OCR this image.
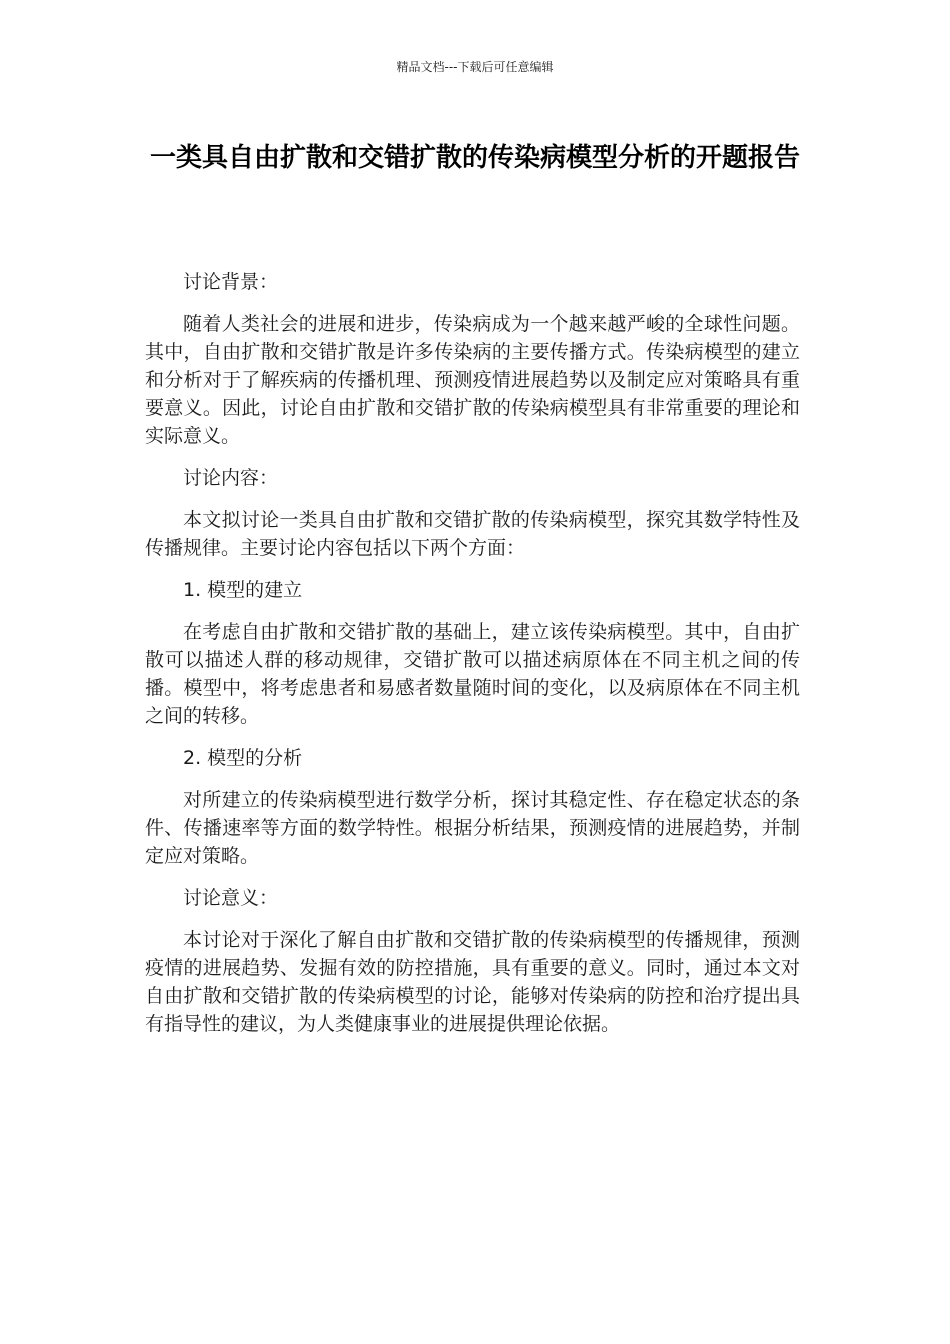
精品文档---下载后可任意编辑
一类具自由扩散和交错扩散的传染病模型分析的开题报告

讨论背景：

随着人类社会的进展和进步，传染病成为一个越来越严峻的全球性问题。其中，自由扩散和交错扩散是许多传染病的主要传播方式。传染病模型的建立和分析对于了解疾病的传播机理、预测疫情进展趋势以及制定应对策略具有重要意义。因此，讨论自由扩散和交错扩散的传染病模型具有非常重要的理论和实际意义。

讨论内容：

本文拟讨论一类具自由扩散和交错扩散的传染病模型，探究其数学特性及传播规律。主要讨论内容包括以下两个方面：

1. 模型的建立

在考虑自由扩散和交错扩散的基础上，建立该传染病模型。其中，自由扩散可以描述人群的移动规律，交错扩散可以描述病原体在不同主机之间的传播。模型中，将考虑患者和易感者数量随时间的变化，以及病原体在不同主机之间的转移。

2. 模型的分析

对所建立的传染病模型进行数学分析，探讨其稳定性、存在稳定状态的条件、传播速率等方面的数学特性。根据分析结果，预测疫情的进展趋势，并制定应对策略。

讨论意义：

本讨论对于深化了解自由扩散和交错扩散的传染病模型的传播规律，预测疫情的进展趋势、发掘有效的防控措施，具有重要的意义。同时，通过本文对自由扩散和交错扩散的传染病模型的讨论，能够对传染病的防控和治疗提出具有指导性的建议，为人类健康事业的进展提供理论依据。
